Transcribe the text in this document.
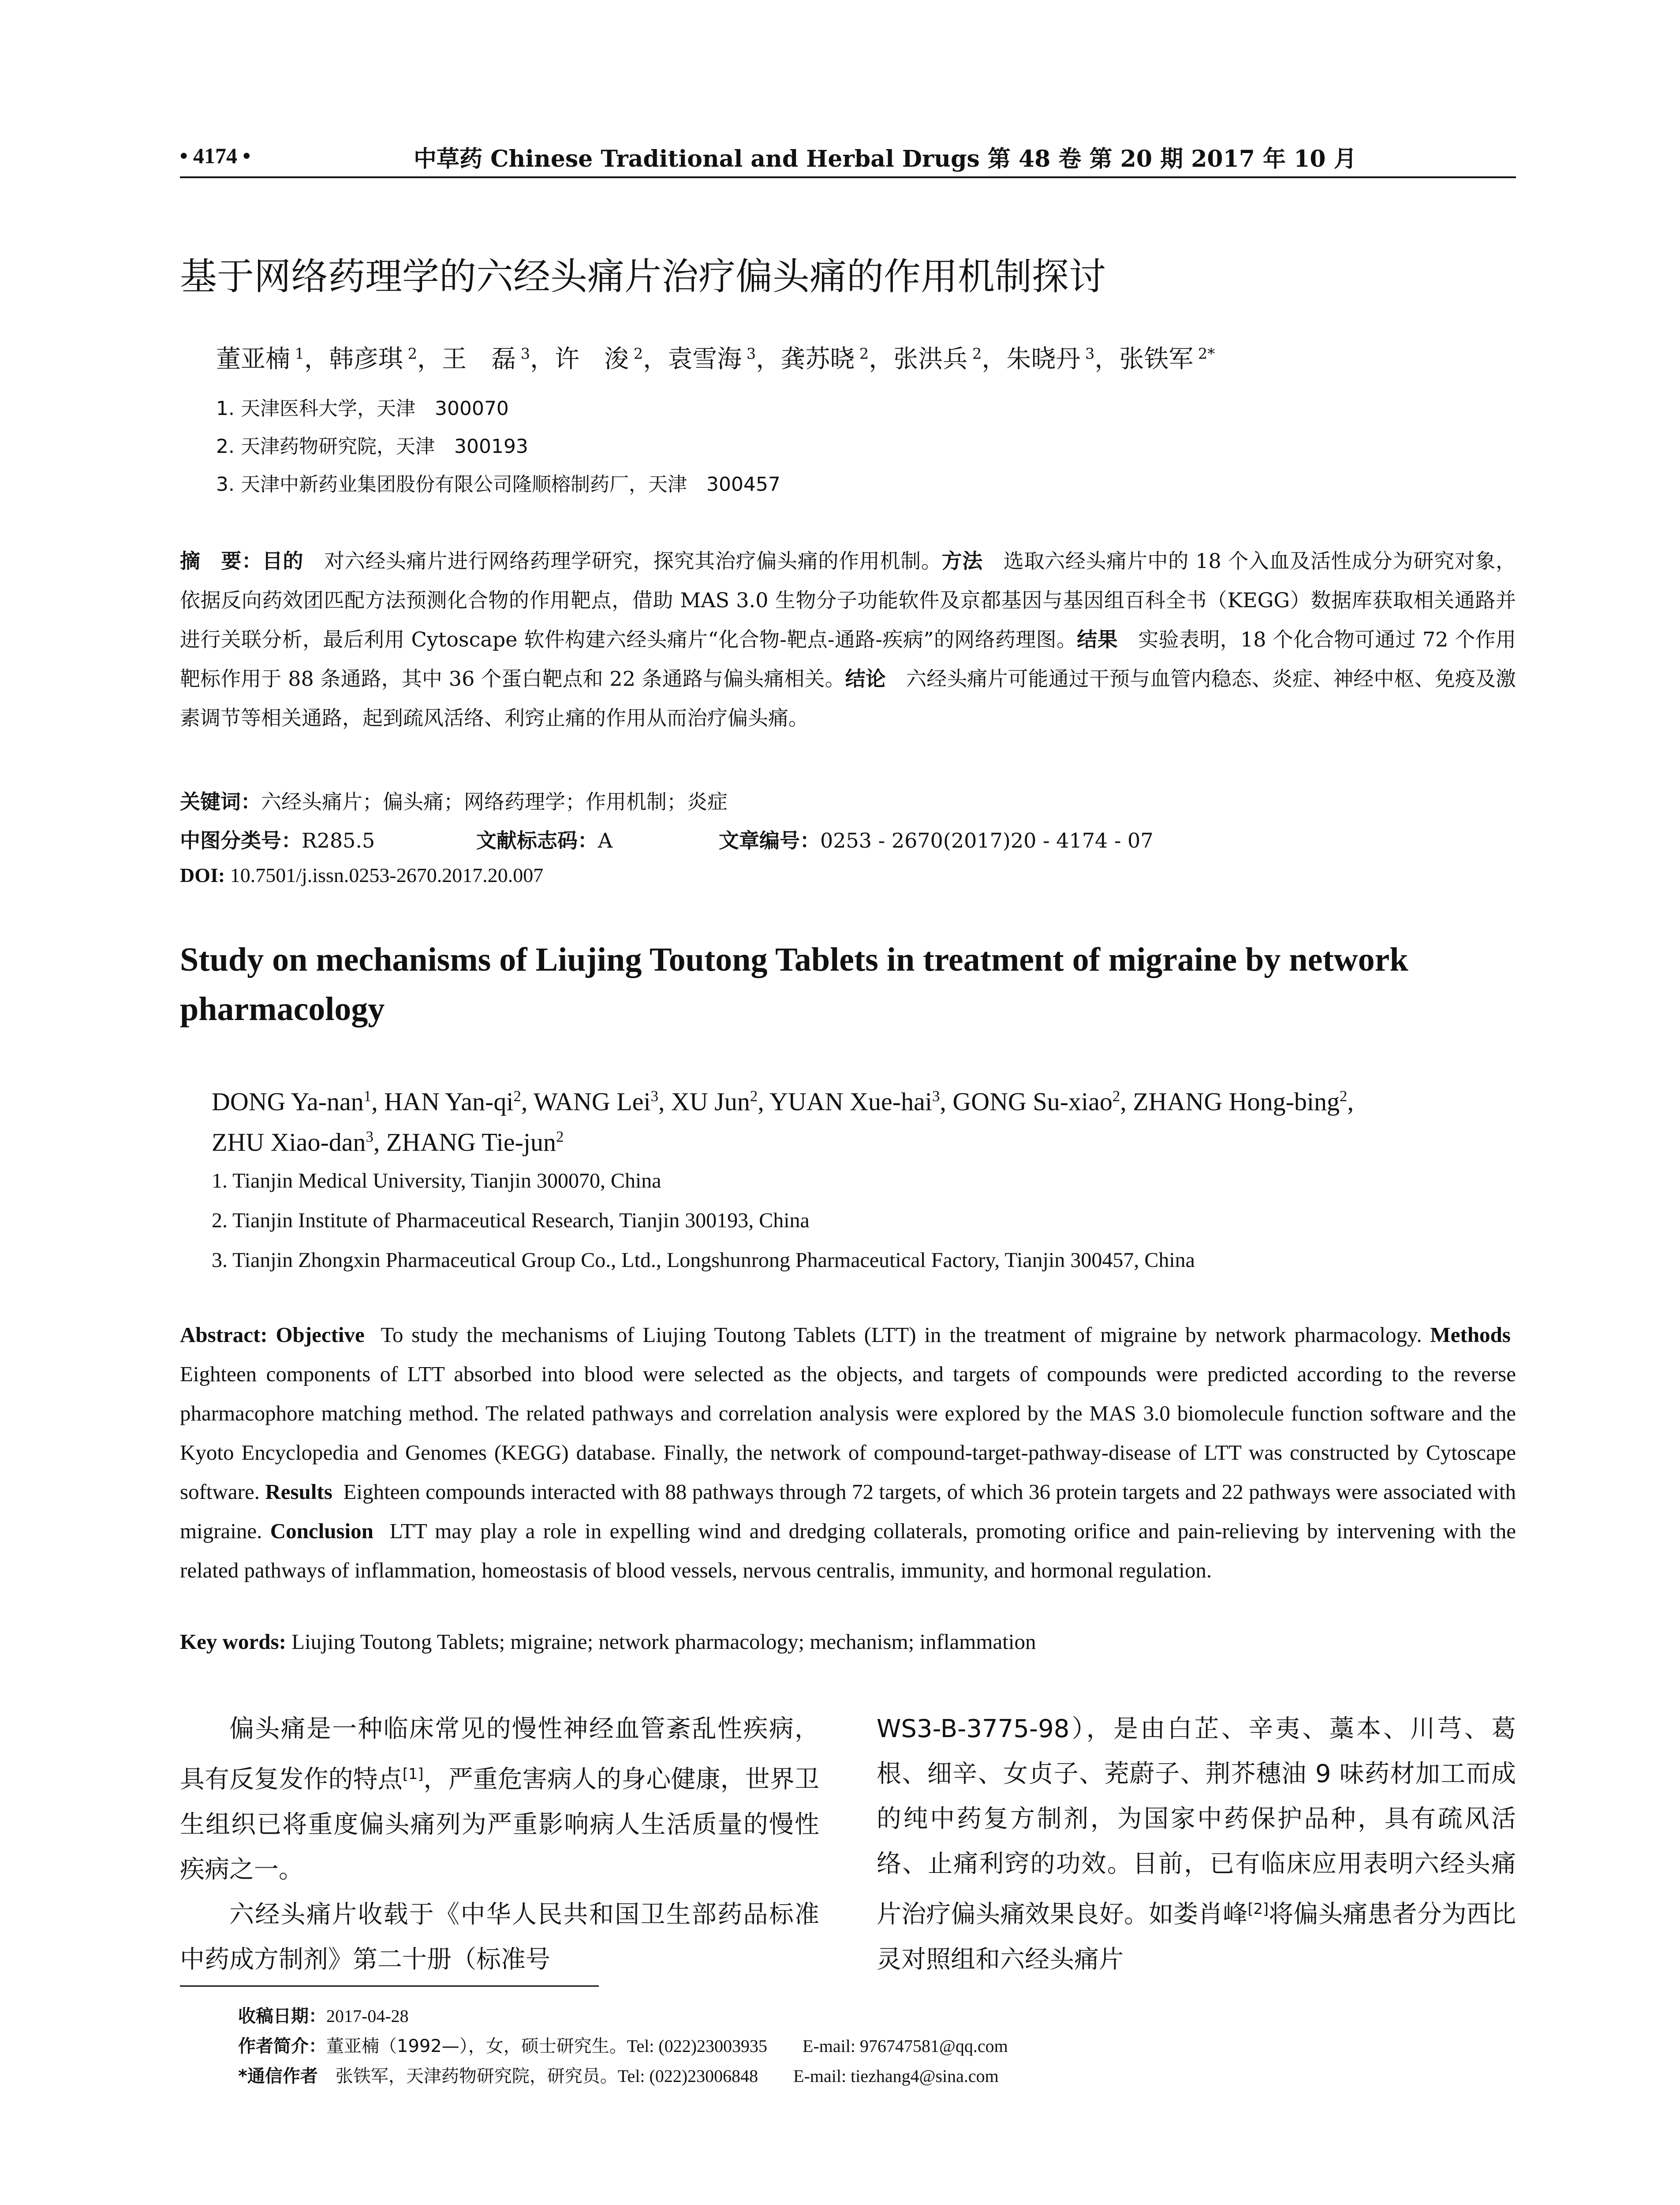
• 4174 •	中草药 Chinese Traditional and Herbal Drugs 第 48 卷 第 20 期 2017 年 10 月
基于网络药理学的六经头痛片治疗偏头痛的作用机制探讨
董亚楠 $^1$，韩彦琪 $^2$，王　磊 $^3$，许　浚 $^2$，袁雪海 $^3$，龚苏晓 $^2$，张洪兵 $^2$，朱晓丹 $^3$，张铁军 $^{2*}$
1. 天津医科大学，天津　300070
2. 天津药物研究院，天津　300193
3. 天津中新药业集团股份有限公司隆顺榕制药厂，天津　300457
摘　要：目的　 对六经头痛片进行网络药理学研究，探究其治疗偏头痛的作用机制。方法　 选取六经头痛片中的 18 个入血及活性成分为研究对象，依据反向药效团匹配方法预测化合物的作用靶点，借助 MAS 3.0 生物分子功能软件及京都基因与基因组百科全书（KEGG）数据库获取相关通路并进行关联分析，最后利用 Cytoscape 软件构建六经头痛片“化合物-靶点-通路-疾病”的网络药理图。结果　 实验表明，18 个化合物可通过 72 个作用靶标作用于 88 条通路，其中 36 个蛋白靶点和 22 条通路与偏头痛相关。结论　 六经头痛片可能通过干预与血管内稳态、炎症、神经中枢、免疫及激素调节等相关通路，起到疏风活络、利窍止痛的作用从而治疗偏头痛。
关键词：六经头痛片；偏头痛；网络药理学；作用机制；炎症
中图分类号：R285.5	文献标志码：A	文章编号：0253 - 2670(2017)20 - 4174 - 07
DOI: 10.7501/j.issn.0253-2670.2017.20.007
Study on mechanisms of Liujing Toutong Tablets in treatment of migraine by network pharmacology
DONG Ya-nan$^1$, HAN Yan-$qi^2$, WANG Lei$^3$, XU Jun$^2$, YUAN Xue-hai$^3$, GONG Su-xiao$^2$, ZHANG Hong-bing$^2$,
ZHU Xiao-dan$^3$, ZHANG Tie-jun$^2$
1. Tianjin Medical University, Tianjin 300070, China
2. Tianjin Institute of Pharmaceutical Research, Tianjin 300193, China
3. Tianjin Zhongxin Pharmaceutical Group Co., Ltd., Longshunrong Pharmaceutical Factory, Tianjin 300457, China
Abstract: Objective To study the mechanisms of Liujing Toutong Tablets (LTT) in the treatment of migraine by network pharmacology. Methods  Eighteen components of LTT absorbed into blood were selected as the objects, and targets of compounds were predicted according to the reverse pharmacophore matching method. The related pathways and correlation analysis were explored by the MAS 3.0 biomolecule function software and the Kyoto Encyclopedia and Genomes (KEGG) database. Finally, the network of compound-target-pathway-disease of LTT was constructed by Cytoscape software. Results Eighteen compounds interacted with 88 pathways through 72 targets, of which 36 protein targets and 22 pathways were associated with migraine. Conclusion LTT may play a role in expelling wind and dredging collaterals, promoting orifice and pain-relieving by intervening with the related pathways of inflammation, homeostasis of blood vessels, nervous centralis, immunity, and hormonal regulation.
Key words: Liujing Toutong Tablets; migraine; network pharmacology; mechanism; inflammation

偏头痛是一种临床常见的慢性神经血管紊乱性疾病，具有反复发作的特点[1]，严重危害病人的身心健康，世界卫生组织已将重度偏头痛列为严重影响病人生活质量的慢性疾病之一。

六经头痛片收载于《中华人民共和国卫生部药品标准中药成方制剂》第二十册（标准号

WS3-B-3775-98），是由白芷、辛夷、藁本、川芎、葛根、细辛、女贞子、茺蔚子、荆芥穗油 9 味药材加工而成的纯中药复方制剂，为国家中药保护品种，具有疏风活络、止痛利窍的功效。目前，已有临床应用表明六经头痛片治疗偏头痛效果良好。如娄肖峰[2]将偏头痛患者分为西比灵对照组和六经头痛片

收稿日期：2017-04-28
作者简介：董亚楠（1992—），女，硕士研究生。Tel: (022)23003935　　E-mail: 976747581@qq.com
*通信作者　 张铁军，天津药物研究院，研究员。Tel: (022)23006848　　E-mail: tiezhang4@sina.com
